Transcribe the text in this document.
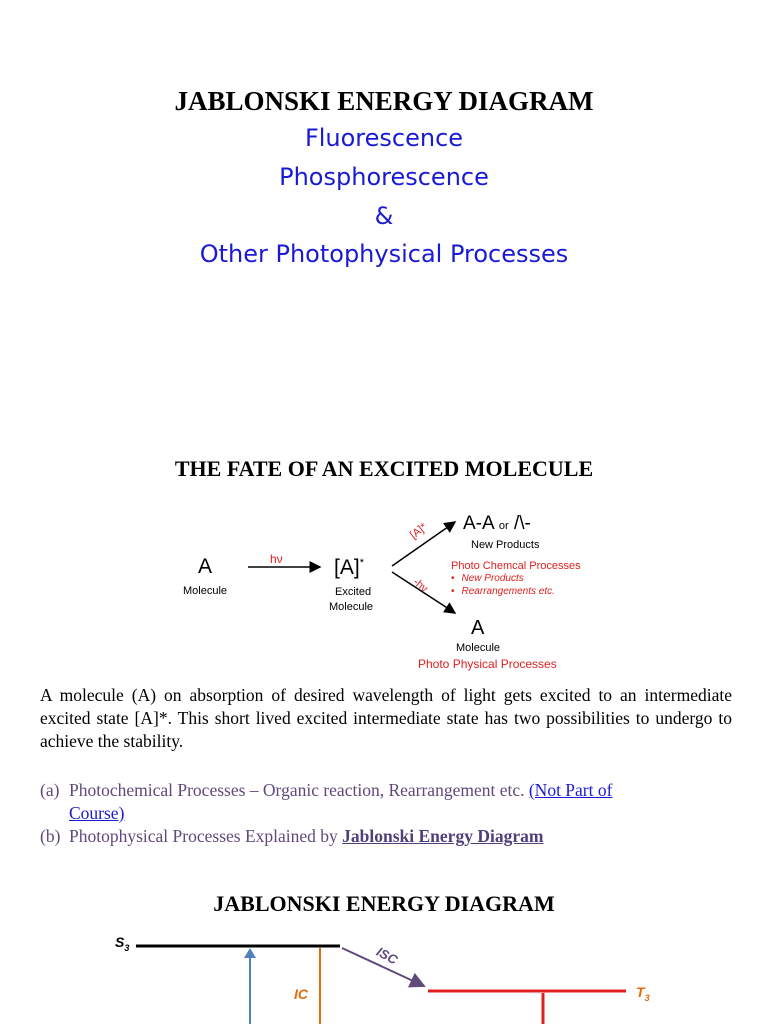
JABLONSKI ENERGY DIAGRAM
Fluorescence
Phosphorescence
&
Other Photophysical Processes
THE FATE OF AN EXCITED MOLECULE
A
Molecule
hν [A]*
Excited
Molecule
[A]*
-hν
A-A or /\-
New Products
Photo Chemcal Processes
• New Products
• Rearrangements etc.
A
Molecule
Photo Physical Processes
A molecule (A) on absorption of desired wavelength of light gets excited to an intermediate excited state [A]*. This short lived excited intermediate state has two possibilities to undergo to achieve the stability.
(a) Photochemical Processes – Organic reaction, Rearrangement etc. (Not Part of
Course)
(b) Photophysical Processes Explained by Jablonski Energy Diagram
JABLONSKI ENERGY DIAGRAM
$S_3$
$T_3$
IC
ISC
